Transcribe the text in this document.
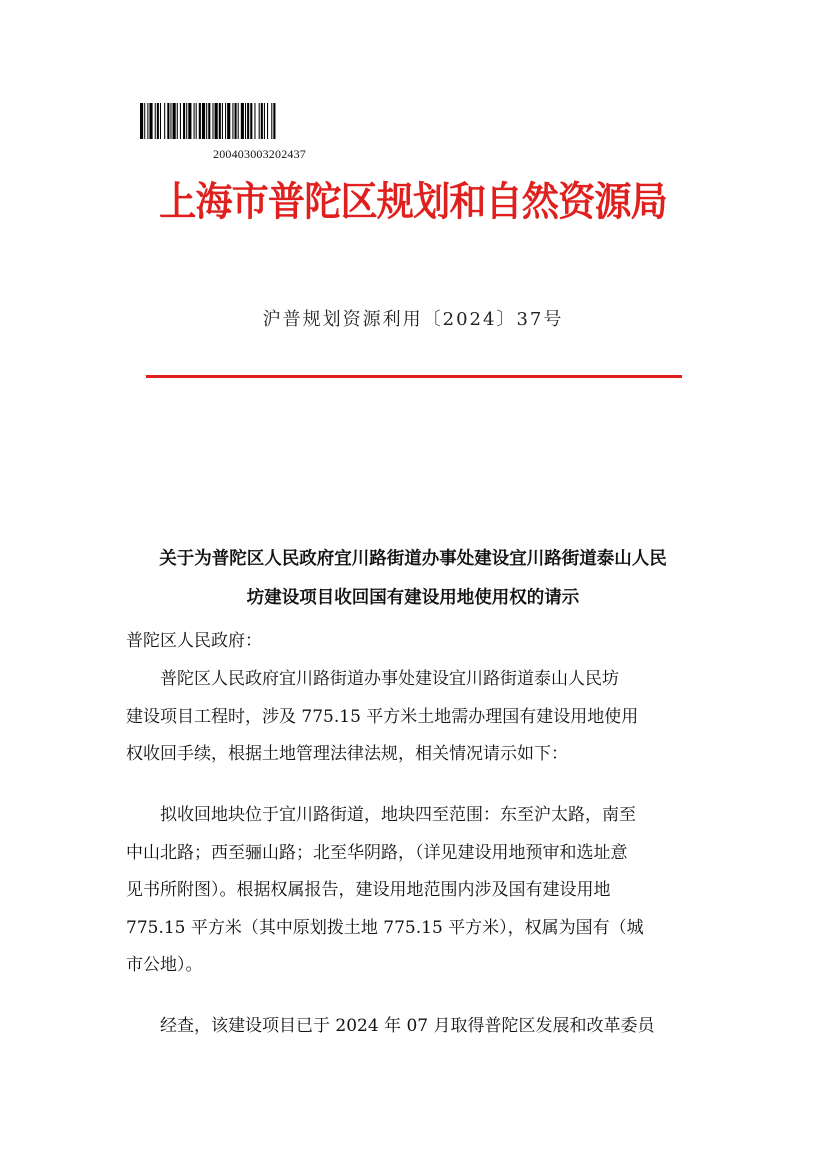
200403003202437
上海市普陀区规划和自然资源局
沪普规划资源利用〔2024〕37号
关于为普陀区人民政府宜川路街道办事处建设宜川路街道泰山人民
坊建设项目收回国有建设用地使用权的请示
普陀区人民政府：
　　普陀区人民政府宜川路街道办事处建设宜川路街道泰山人民坊
建设项目工程时，涉及 775.15 平方米土地需办理国有建设用地使用
权收回手续，根据土地管理法律法规，相关情况请示如下：
　　拟收回地块位于宜川路街道，地块四至范围：东至沪太路，南至
中山北路；西至骊山路；北至华阴路，（详见建设用地预审和选址意
见书所附图）。根据权属报告，建设用地范围内涉及国有建设用地
775.15 平方米（其中原划拨土地 775.15 平方米），权属为国有（城
市公地）。
　　经查，该建设项目已于 2024 年 07 月取得普陀区发展和改革委员
